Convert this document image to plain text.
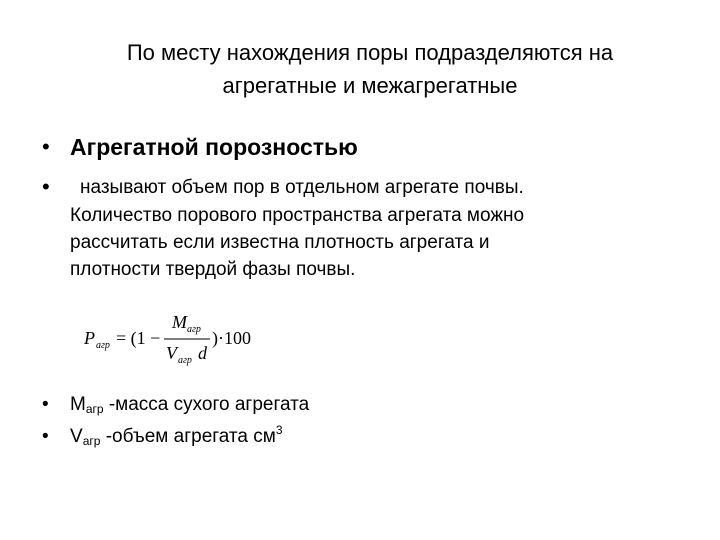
По месту нахождения поры подразделяются на
агрегатные и межагрегатные
• Агрегатной порозностью
• называют объем пор в отдельном агрегате почвы.
Количество порового пространства агрегата можно
рассчитать если известна плотность агрегата и
плотности твердой фазы почвы.
P агр = (1 −
M агр
V агр d
)·100
• Mагр -масса сухого агрегата
• Vагр -объем агрегата $см^3$
